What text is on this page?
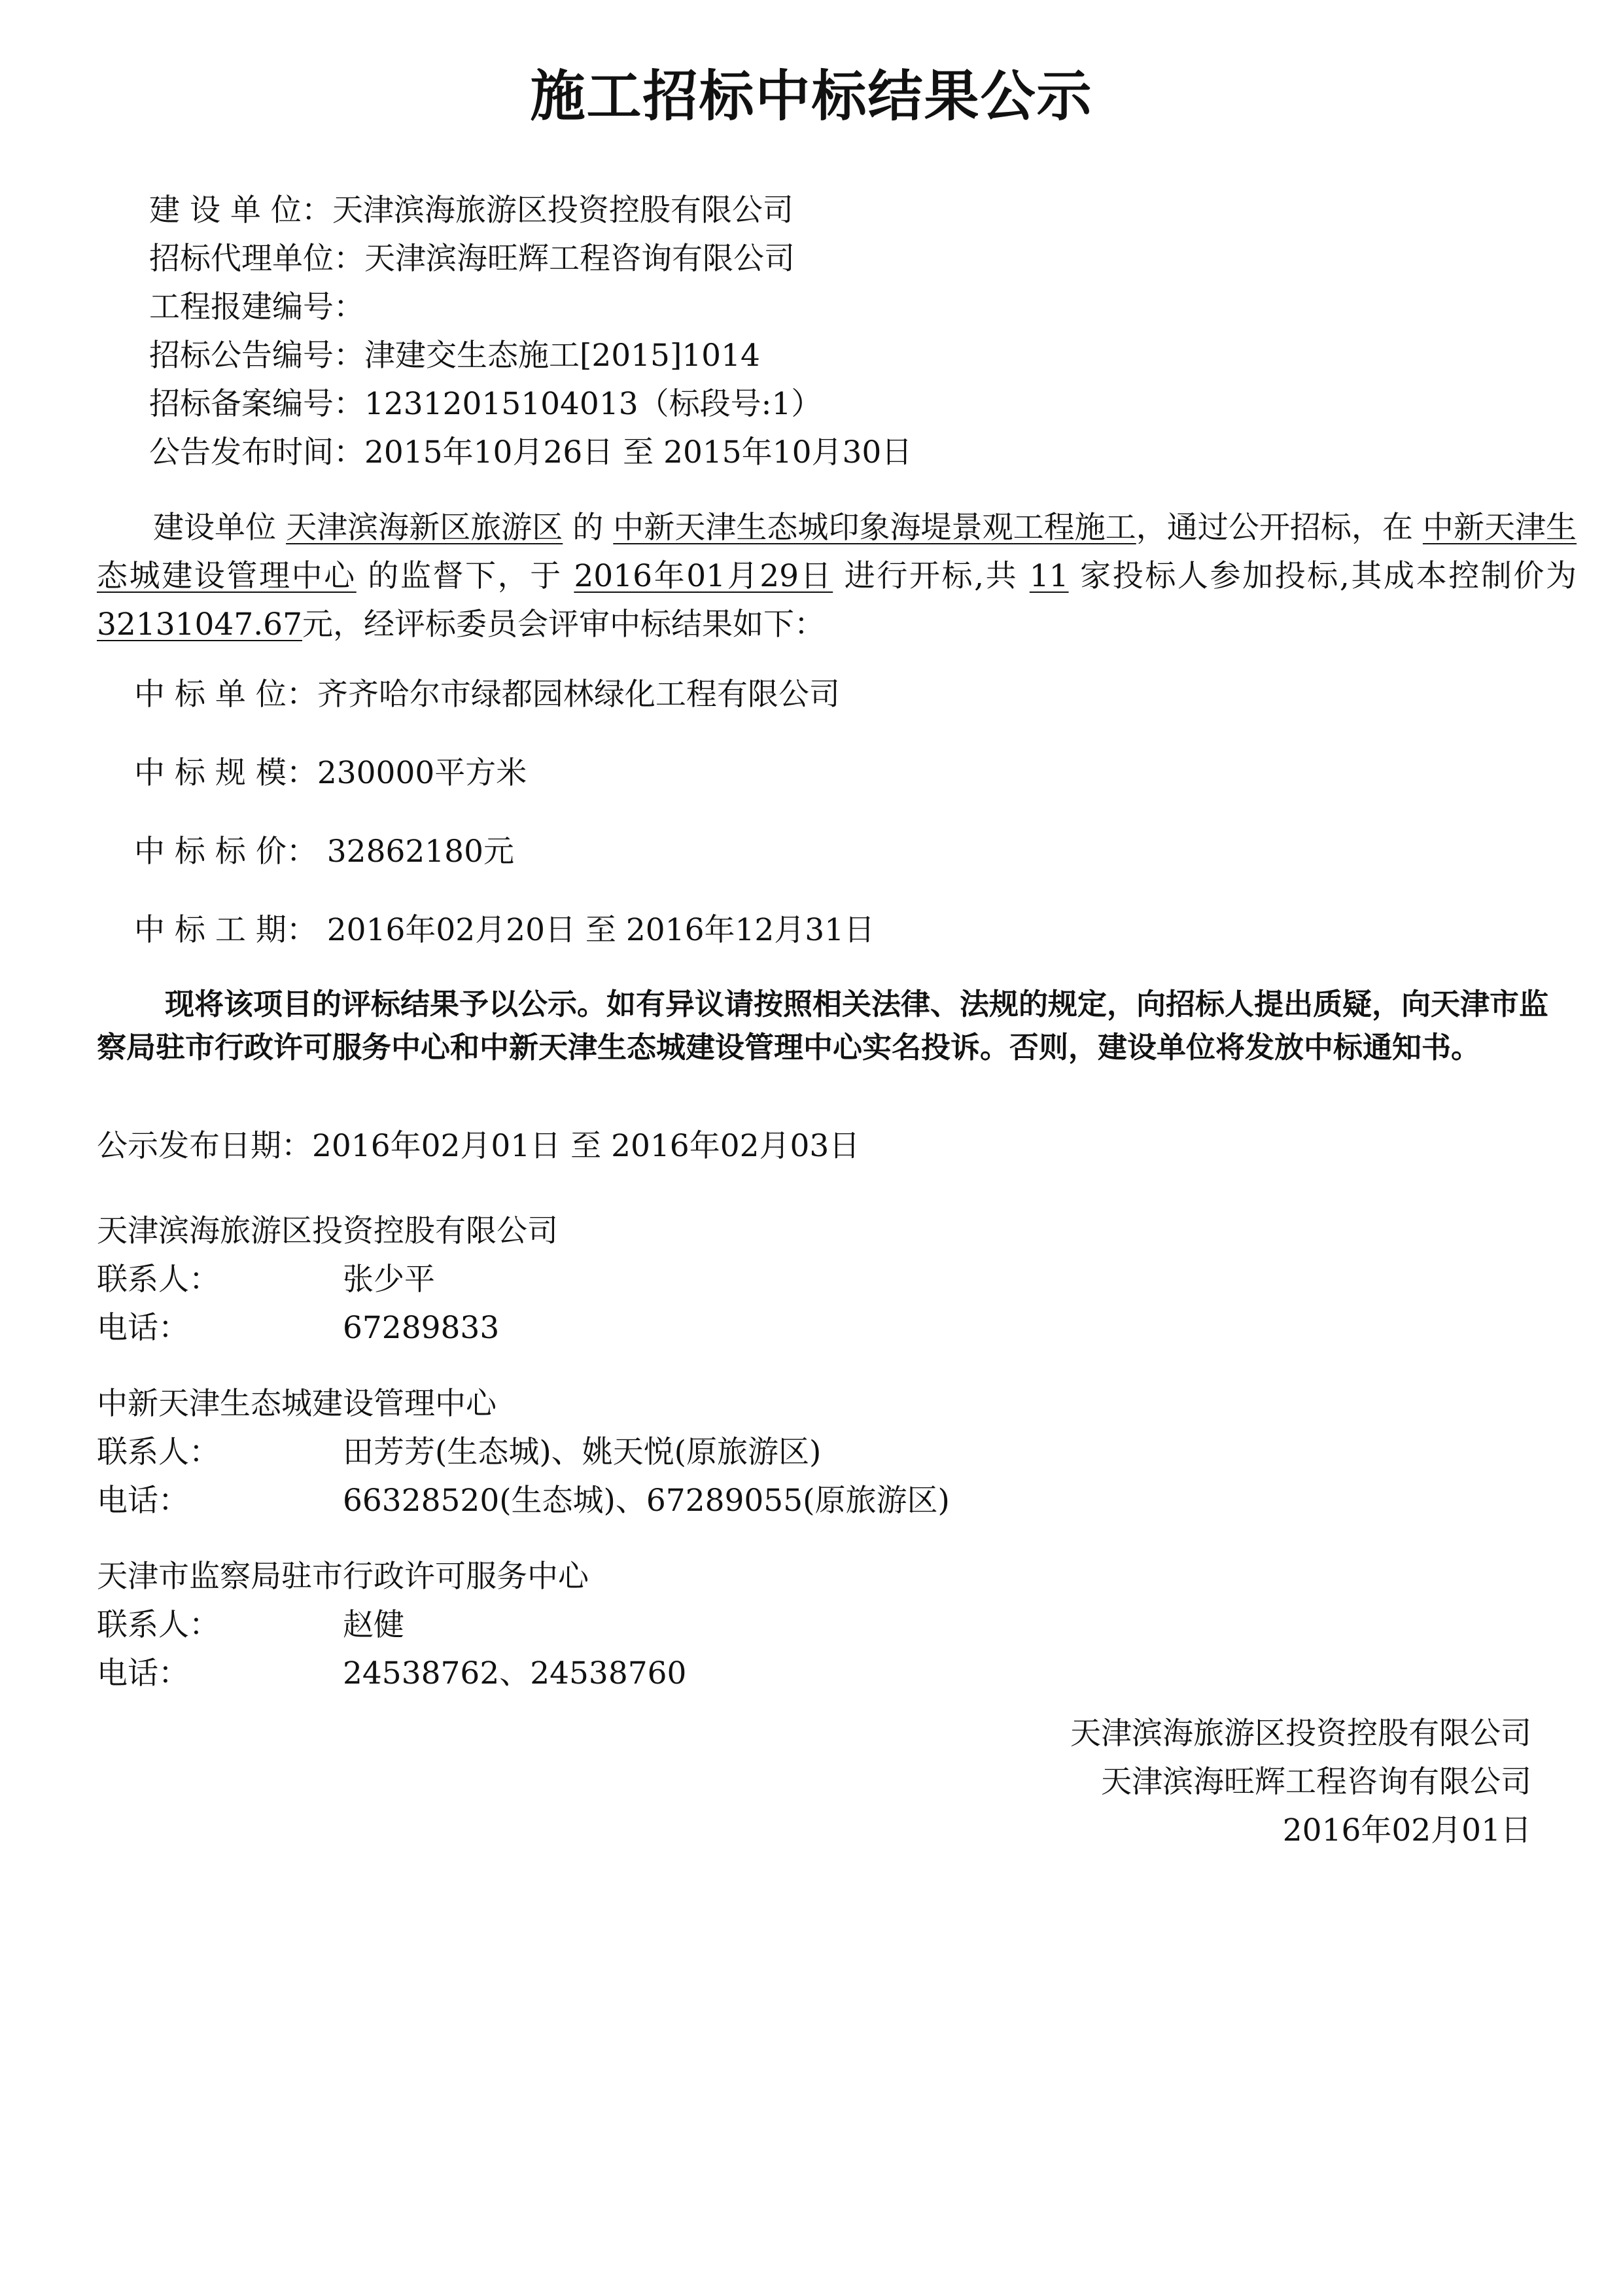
施工招标中标结果公示
建 设 单 位：天津滨海旅游区投资控股有限公司
招标代理单位：天津滨海旺辉工程咨询有限公司
工程报建编号：
招标公告编号：津建交生态施工[2015]1014
招标备案编号：12312015104013（标段号:1）
公告发布时间：2015年10月26日 至 2015年10月30日
建设单位 天津滨海新区旅游区 的 中新天津生态城印象海堤景观工程施工，通过公开招标，在 中新天津生态城建设管理中心 的监督下，于 2016年01月29日 进行开标,共 11 家投标人参加投标,其成本控制价为32131047.67元，经评标委员会评审中标结果如下：
中 标 单 位：齐齐哈尔市绿都园林绿化工程有限公司
中 标 规 模：230000平方米
中 标 标 价： 32862180元
中 标 工 期： 2016年02月20日 至 2016年12月31日
现将该项目的评标结果予以公示。如有异议请按照相关法律、法规的规定，向招标人提出质疑，向天津市监察局驻市行政许可服务中心和中新天津生态城建设管理中心实名投诉。否则，建设单位将发放中标通知书。
公示发布日期：2016年02月01日 至 2016年02月03日
天津滨海旅游区投资控股有限公司
联系人：	张少平
电话：	67289833
中新天津生态城建设管理中心
联系人：	田芳芳(生态城)、姚天悦(原旅游区)
电话：	66328520(生态城)、67289055(原旅游区)
天津市监察局驻市行政许可服务中心
联系人：	赵健
电话：	24538762、24538760
天津滨海旅游区投资控股有限公司
天津滨海旺辉工程咨询有限公司
2016年02月01日
